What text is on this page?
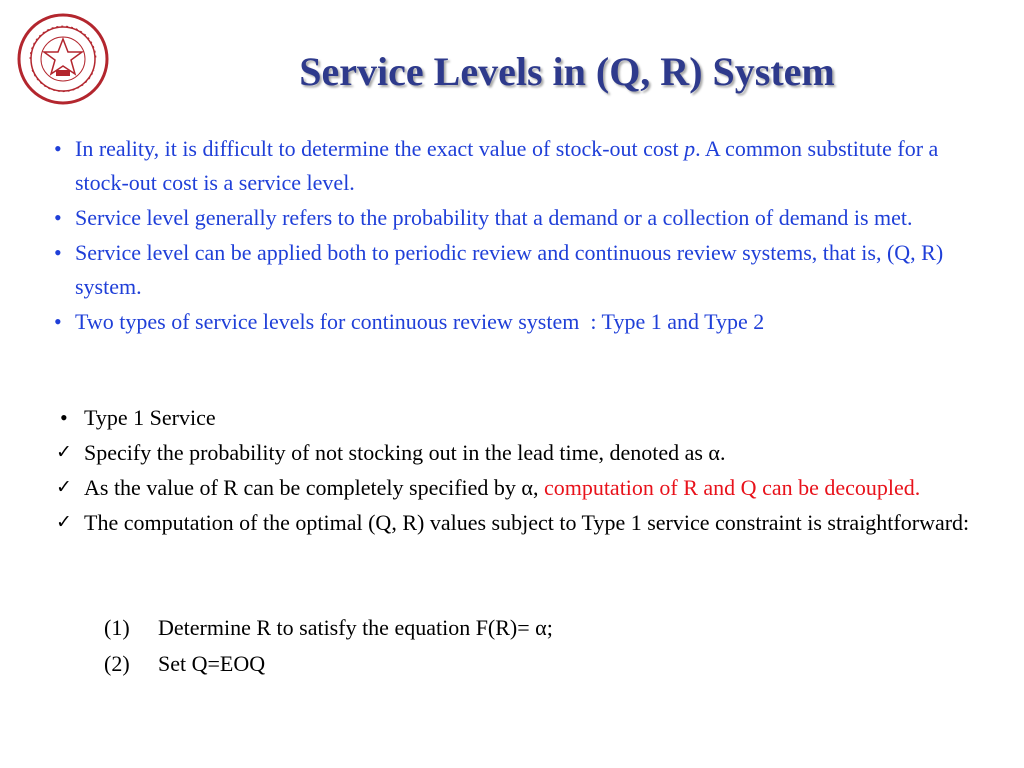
Service Levels in (Q, R) System
• In reality, it is difficult to determine the exact value of stock-out cost p. A common substitute for a stock-out cost is a service level.
• Service level generally refers to the probability that a demand or a collection of demand is met.
• Service level can be applied both to periodic review and continuous review systems, that is, (Q, R) system.
• Two types of service levels for continuous review system  : Type 1 and Type 2
• Type 1 Service
✓ Specify the probability of not stocking out in the lead time, denoted as α.
✓ As the value of R can be completely specified by α, computation of R and Q can be decoupled.
✓ The computation of the optimal (Q, R) values subject to Type 1 service constraint is straightforward:
(1) Determine R to satisfy the equation F(R)= α;
(2) Set Q=EOQ
